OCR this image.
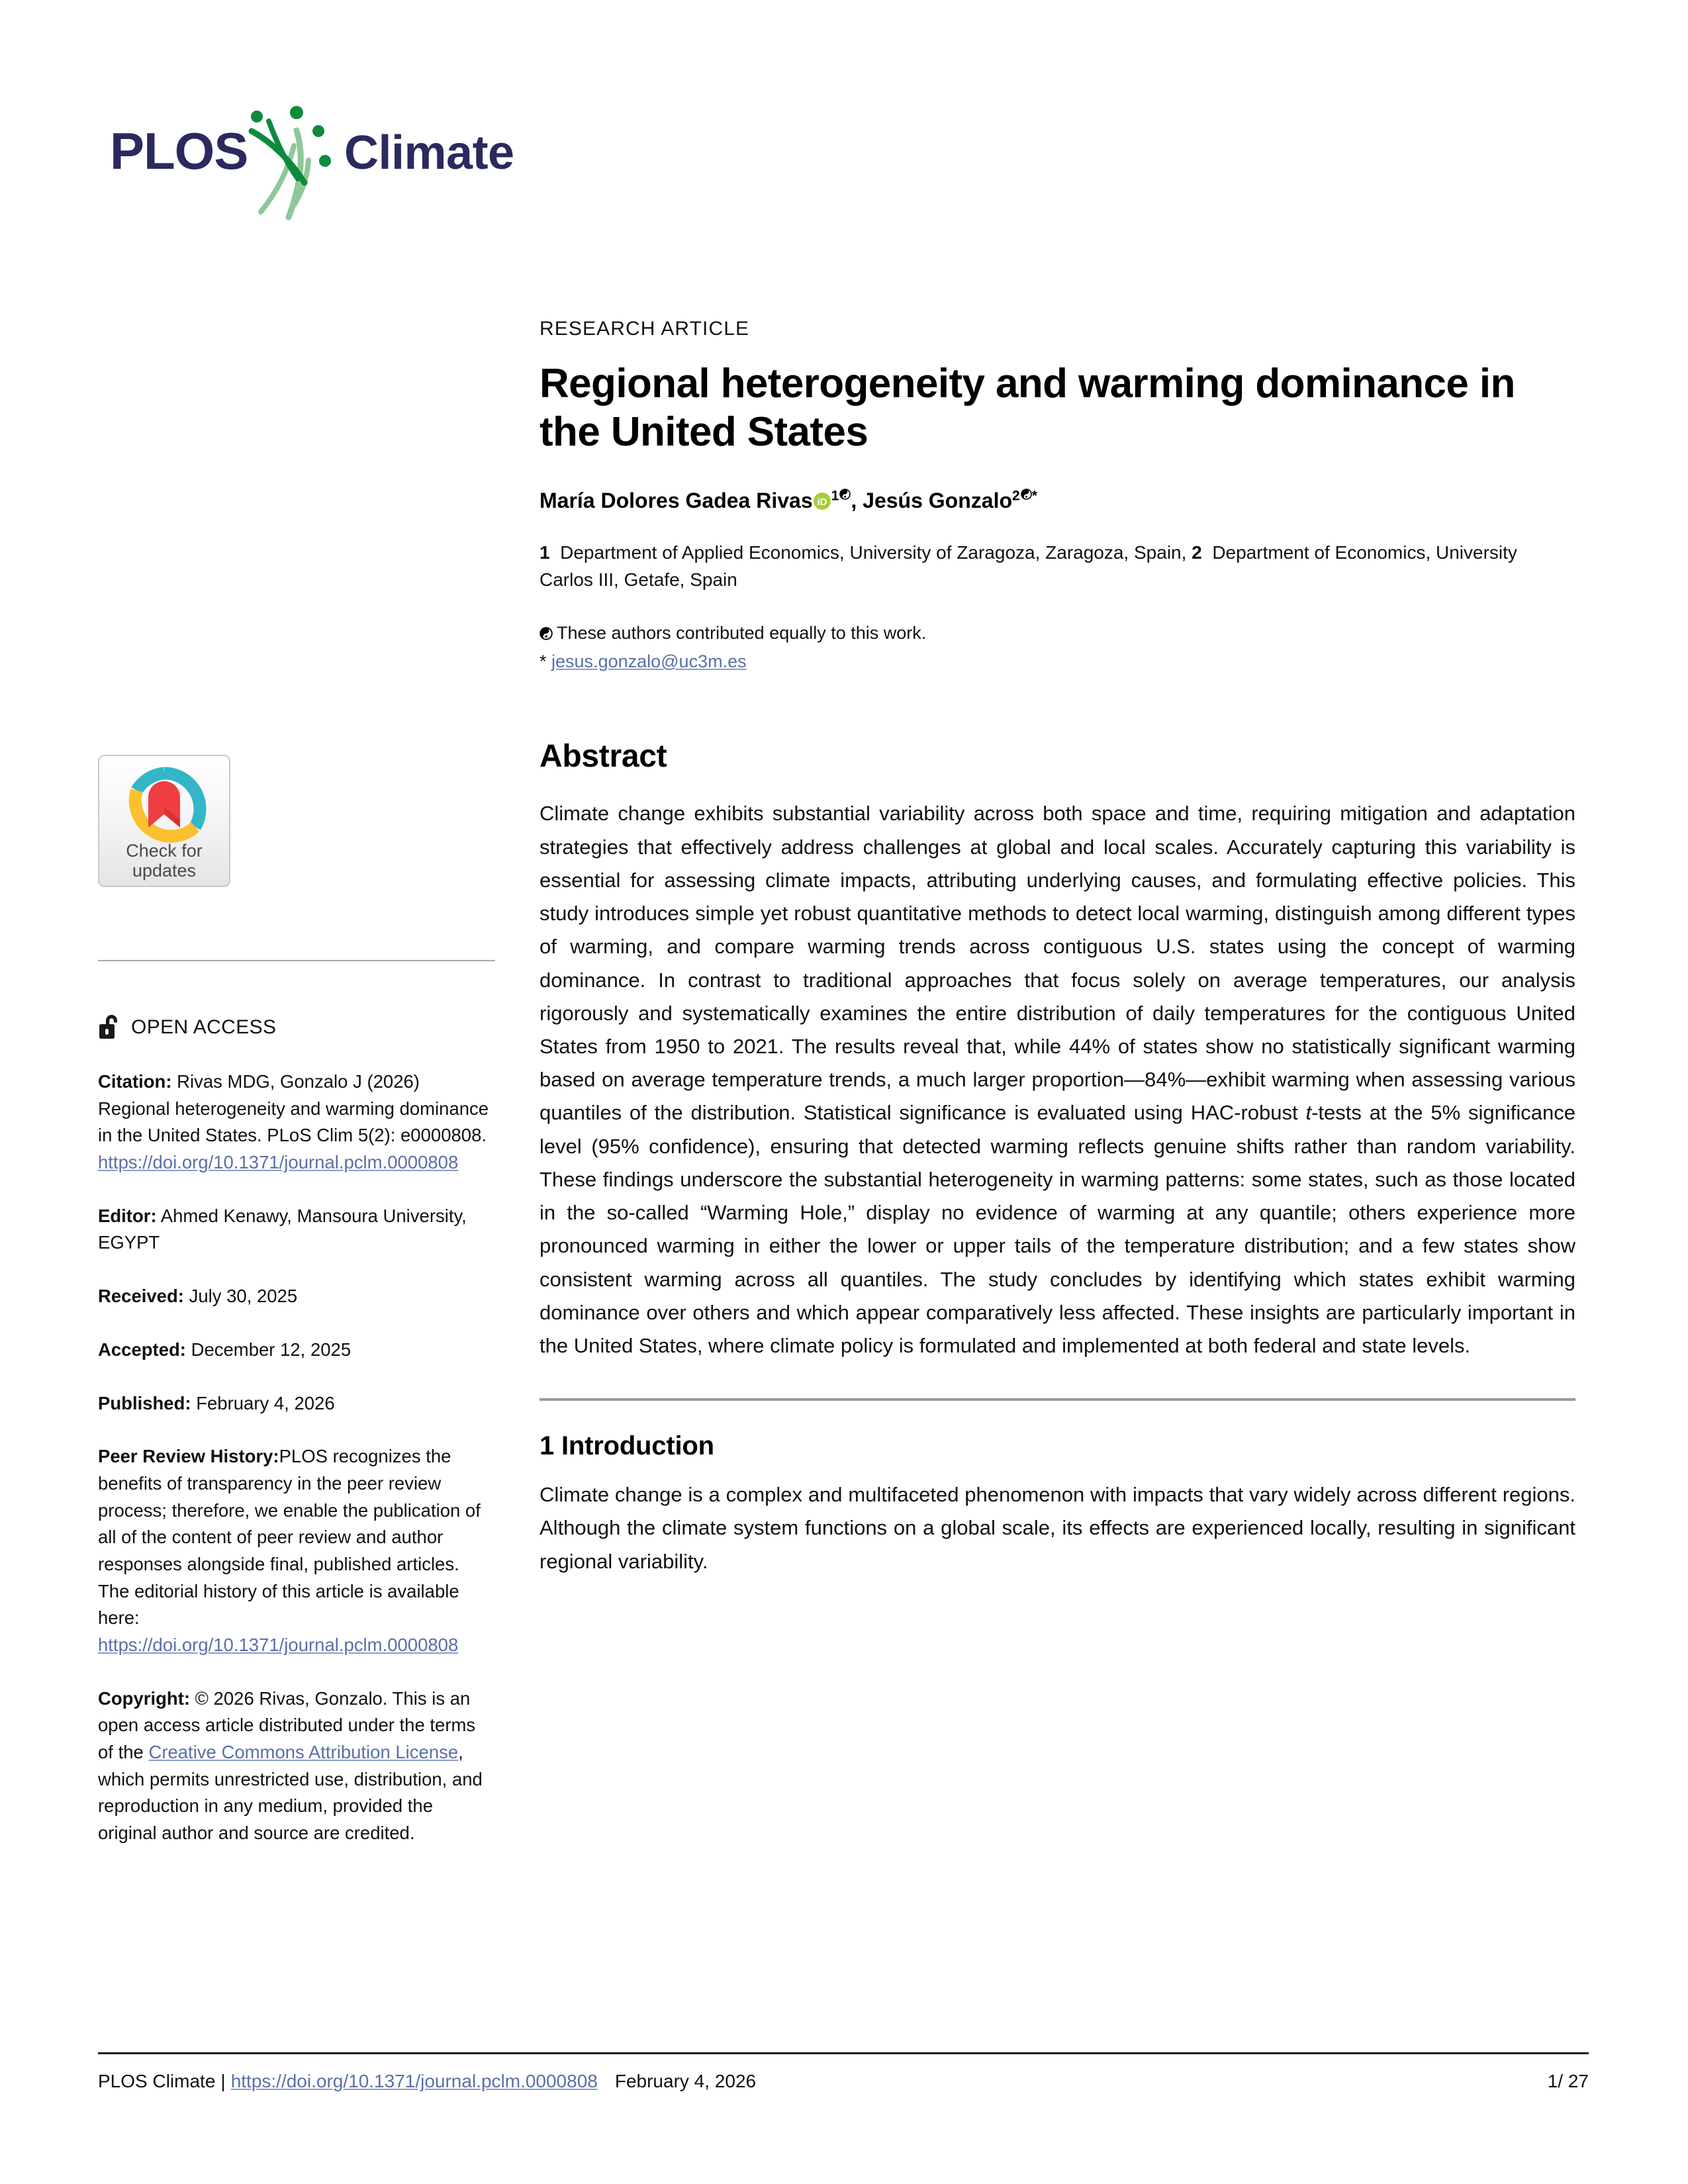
PLOS Climate
Check for
updates
OPEN ACCESS
Citation: Rivas MDG, Gonzalo J (2026) Regional heterogeneity and warming dominance in the United States. PLoS Clim 5(2): e0000808. https://doi.org/10.1371/journal.pclm.0000808
Editor: Ahmed Kenawy, Mansoura University, EGYPT
Received: July 30, 2025
Accepted: December 12, 2025
Published: February 4, 2026
Peer Review History:PLOS recognizes the benefits of transparency in the peer review process; therefore, we enable the publication of all of the content of peer review and author responses alongside final, published articles. The editorial history of this article is available here: https://doi.org/10.1371/journal.pclm.0000808
Copyright: © 2026 Rivas, Gonzalo. This is an open access article distributed under the terms of the Creative Commons Attribution License, which permits unrestricted use, distribution, and reproduction in any medium, provided the original author and source are credited.
RESEARCH ARTICLE
Regional heterogeneity and warming dominance in the United States
María Dolores Gadea Rivas iD $^1$ , Jesús Gonzalo$^2$ *
1 Department of Applied Economics, University of Zaragoza, Zaragoza, Spain, 2 Department of Economics, University Carlos III, Getafe, Spain
These authors contributed equally to this work.
* jesus.gonzalo@uc3m.es
Abstract
Climate change exhibits substantial variability across both space and time, requiring mitigation and adaptation strategies that effectively address challenges at global and local scales. Accurately capturing this variability is essential for assessing climate impacts, attributing underlying causes, and formulating effective policies. This study introduces simple yet robust quantitative methods to detect local warming, distinguish among different types of warming, and compare warming trends across contiguous U.S. states using the concept of warming dominance. In contrast to traditional approaches that focus solely on average temperatures, our analysis rigorously and systematically examines the entire distribution of daily temperatures for the contiguous United States from 1950 to 2021. The results reveal that, while 44% of states show no statistically significant warming based on average temperature trends, a much larger proportion—84%—exhibit warming when assessing various quantiles of the distribution. Statistical significance is evaluated using HAC-robust t-tests at the 5% significance level (95% confidence), ensuring that detected warming reflects genuine shifts rather than random variability. These findings underscore the substantial heterogeneity in warming patterns: some states, such as those located in the so-called “Warming Hole,” display no evidence of warming at any quantile; others experience more pronounced warming in either the lower or upper tails of the temperature distribution; and a few states show consistent warming across all quantiles. The study concludes by identifying which states exhibit warming dominance over others and which appear comparatively less affected. These insights are particularly important in the United States, where climate policy is formulated and implemented at both federal and state levels.
1 Introduction
Climate change is a complex and multifaceted phenomenon with impacts that vary widely across different regions. Although the climate system functions on a global scale, its effects are experienced locally, resulting in significant regional variability.
PLOS Climate | https://doi.org/10.1371/journal.pclm.0000808 February 4, 2026	1/ 27
